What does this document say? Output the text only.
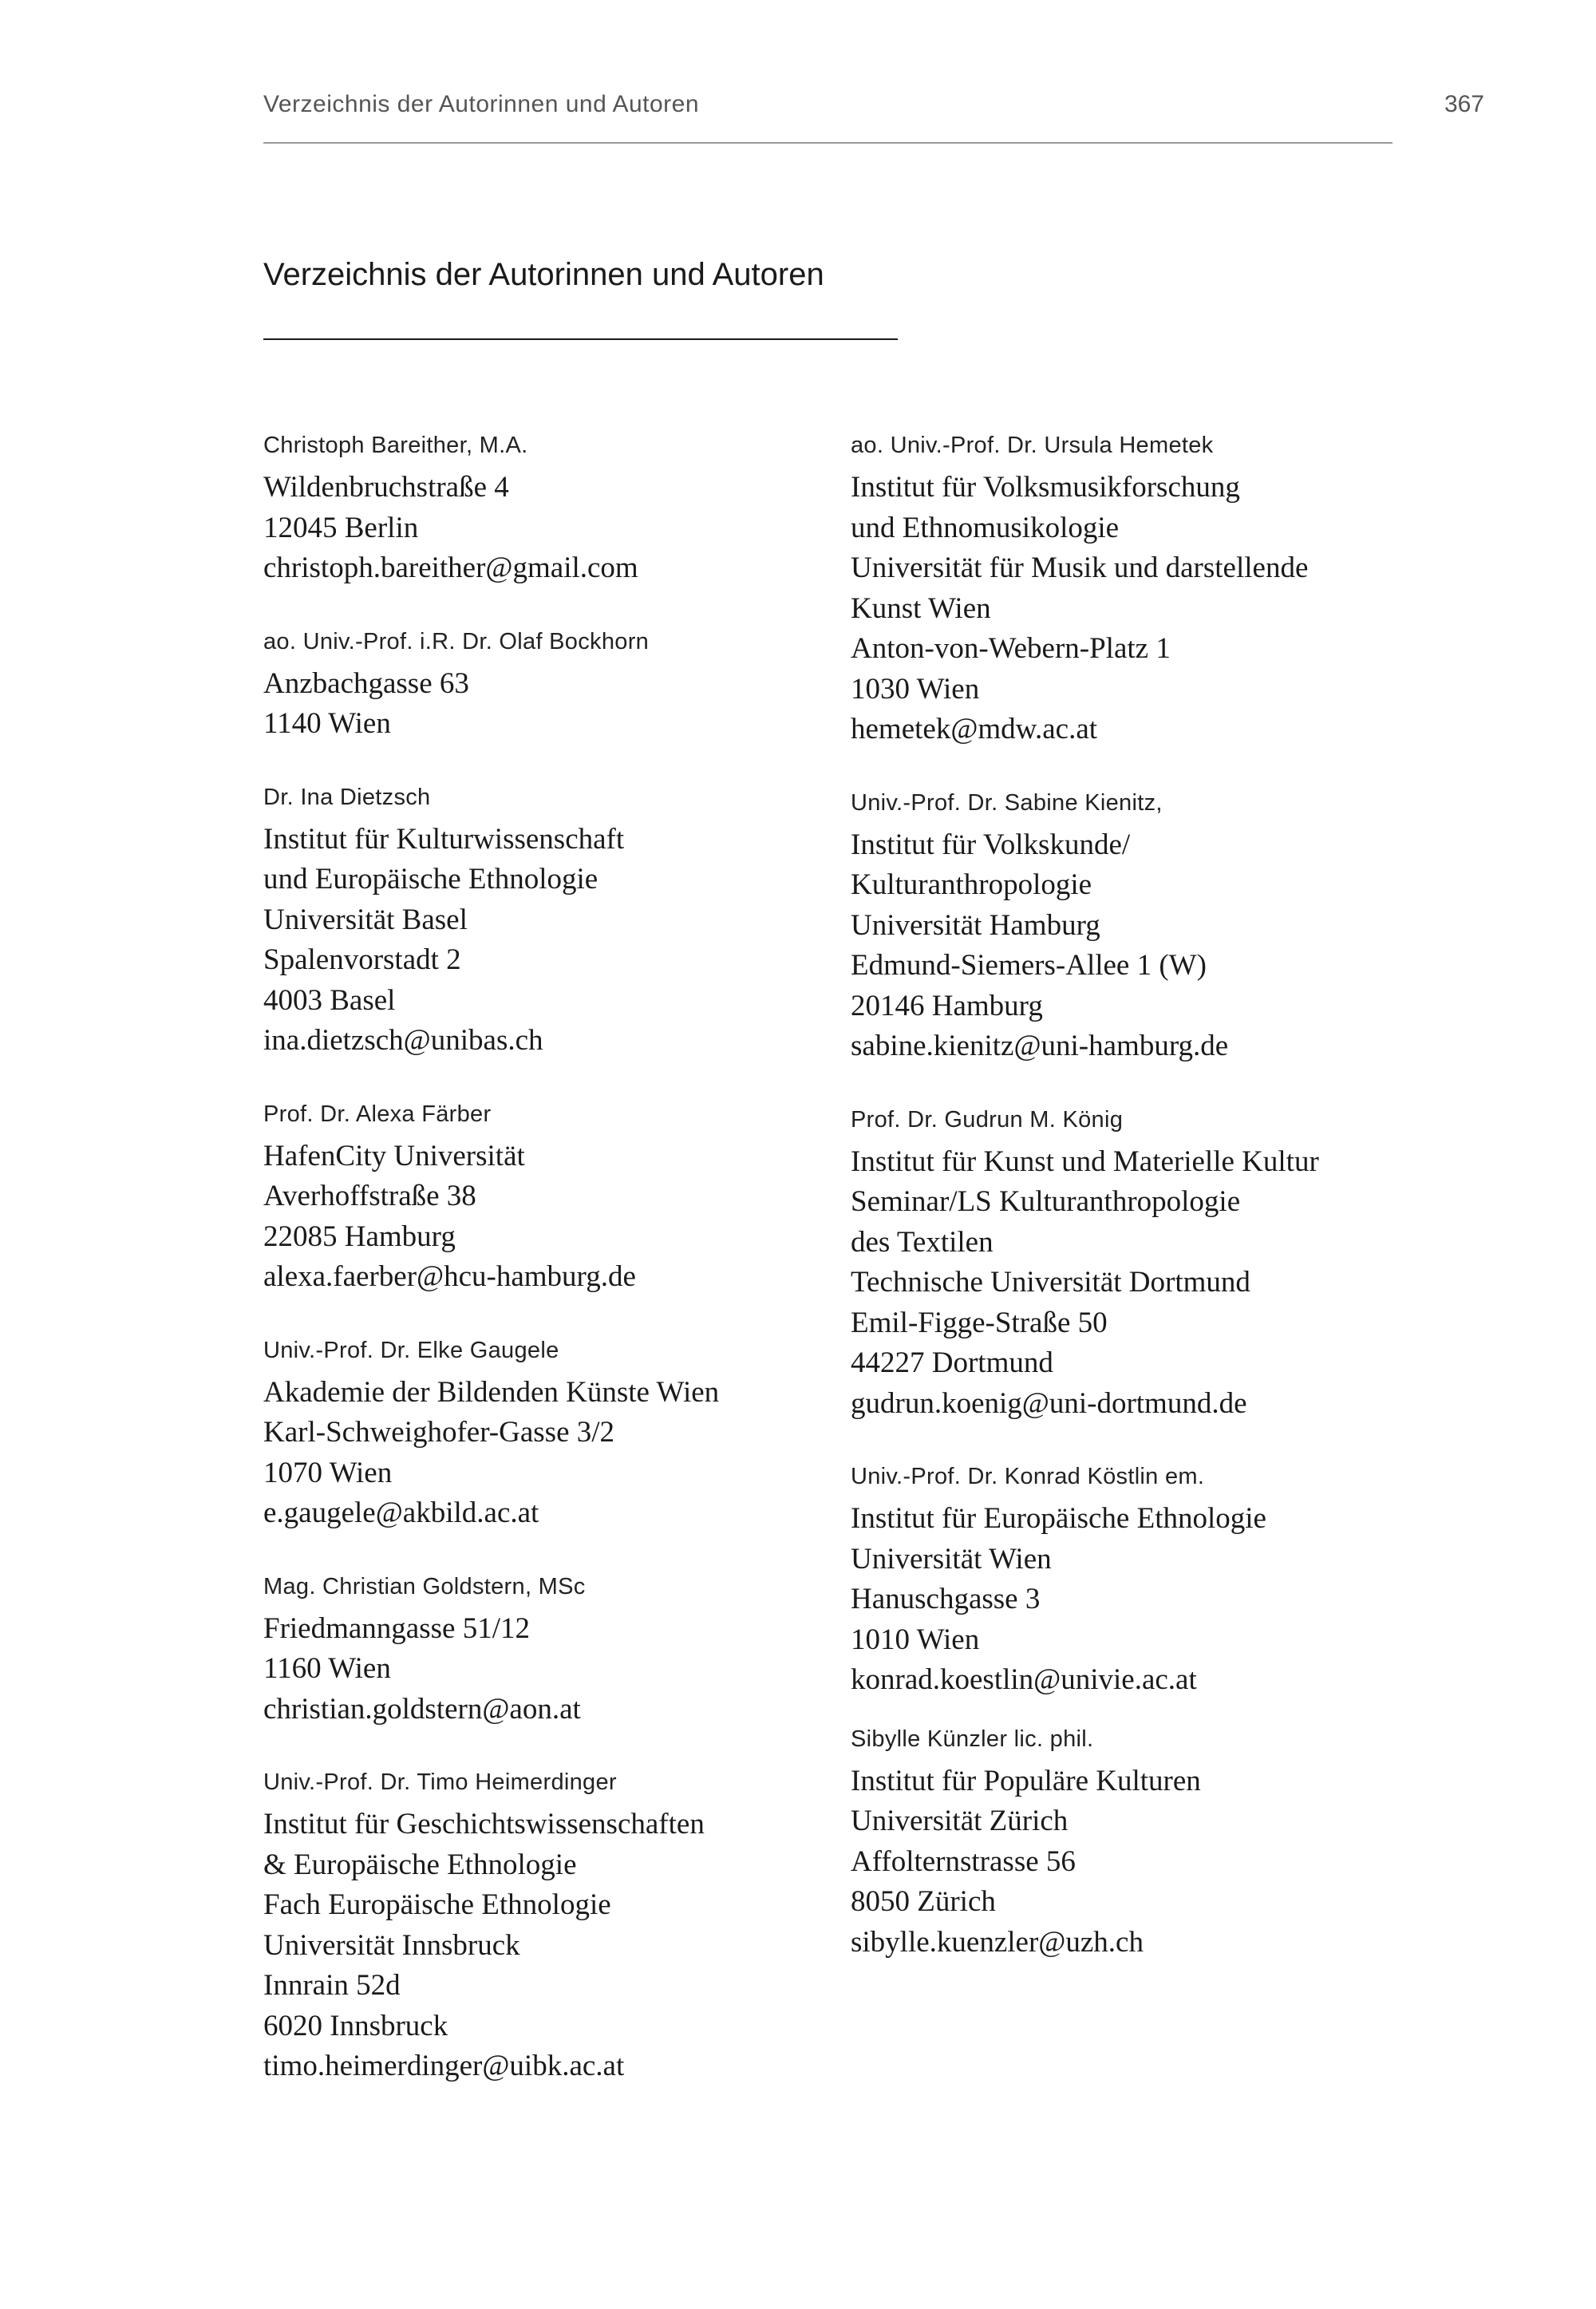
Verzeichnis der Autorinnen und Autoren	367
Verzeichnis der Autorinnen und Autoren
Christoph Bareither, M.A.
Wildenbruchstraße 4
12045 Berlin
christoph.bareither@gmail.com
ao. Univ.-Prof. i.R. Dr. Olaf Bockhorn
Anzbachgasse 63
1140 Wien
Dr. Ina Dietzsch
Institut für Kulturwissenschaft
und Europäische Ethnologie
Universität Basel
Spalenvorstadt 2
4003 Basel
ina.dietzsch@unibas.ch
Prof. Dr. Alexa Färber
HafenCity Universität
Averhoffstraße 38
22085 Hamburg
alexa.faerber@hcu-hamburg.de
Univ.-Prof. Dr. Elke Gaugele
Akademie der Bildenden Künste Wien
Karl-Schweighofer-Gasse 3/2
1070 Wien
e.gaugele@akbild.ac.at
Mag. Christian Goldstern, MSc
Friedmanngasse 51/12
1160 Wien
christian.goldstern@aon.at
Univ.-Prof. Dr. Timo Heimerdinger
Institut für Geschichtswissenschaften
& Europäische Ethnologie
Fach Europäische Ethnologie
Universität Innsbruck
Innrain 52d
6020 Innsbruck
timo.heimerdinger@uibk.ac.at
ao. Univ.-Prof. Dr. Ursula Hemetek
Institut für Volksmusikforschung
und Ethnomusikologie
Universität für Musik und darstellende
Kunst Wien
Anton-von-Webern-Platz 1
1030 Wien
hemetek@mdw.ac.at
Univ.-Prof. Dr. Sabine Kienitz,
Institut für Volkskunde/
Kulturanthropologie
Universität Hamburg
Edmund-Siemers-Allee 1 (W)
20146 Hamburg
sabine.kienitz@uni-hamburg.de
Prof. Dr. Gudrun M. König
Institut für Kunst und Materielle Kultur
Seminar/LS Kulturanthropologie
des Textilen
Technische Universität Dortmund
Emil-Figge-Straße 50
44227 Dortmund
gudrun.koenig@uni-dortmund.de
Univ.-Prof. Dr. Konrad Köstlin em.
Institut für Europäische Ethnologie
Universität Wien
Hanuschgasse 3
1010 Wien
konrad.koestlin@univie.ac.at
Sibylle Künzler lic. phil.
Institut für Populäre Kulturen
Universität Zürich
Affolternstrasse 56
8050 Zürich
sibylle.kuenzler@uzh.ch
